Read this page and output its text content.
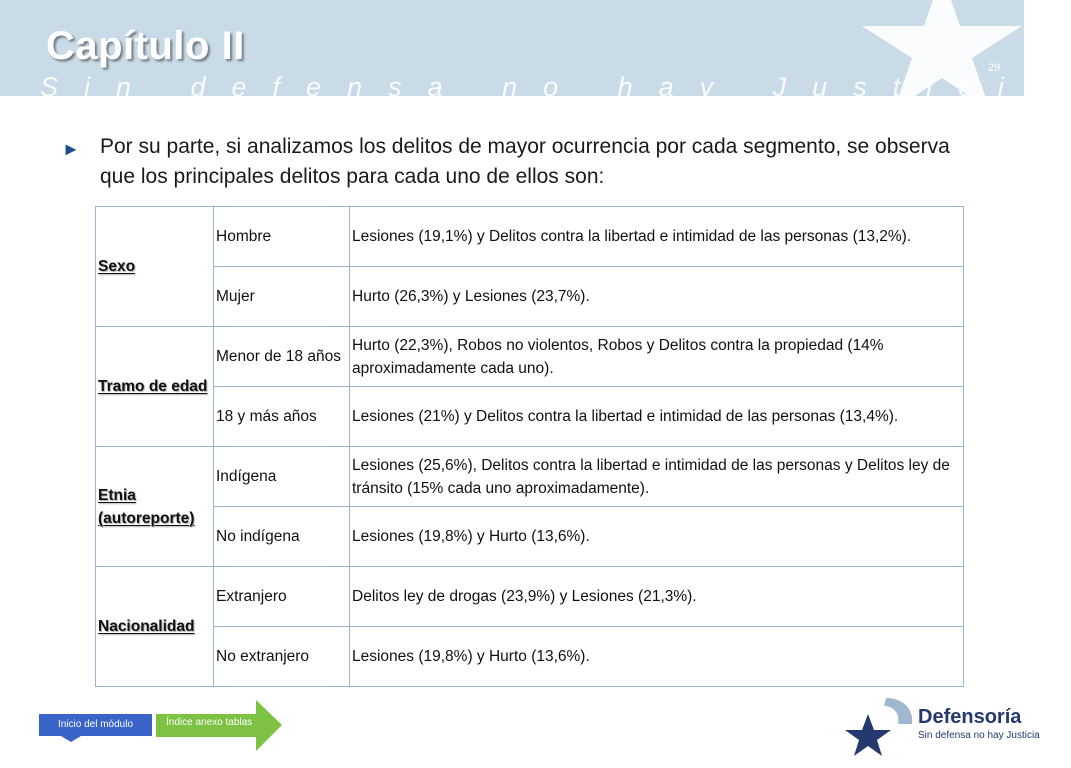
Capítulo II
Sin defensa no hay Justicia
29
► Por su parte, si analizamos los delitos de mayor ocurrencia por cada segmento, se observa que los principales delitos para cada uno de ellos son:
Sexo	Hombre	Lesiones (19,1%) y Delitos contra la libertad e intimidad de las personas (13,2%).
	Mujer	Hurto (26,3%) y Lesiones (23,7%).
Tramo de edad	Menor de 18 años	Hurto (22,3%), Robos no violentos, Robos y Delitos contra la propiedad (14% aproximadamente cada uno).
	18 y más años	Lesiones (21%) y Delitos contra la libertad e intimidad de las personas (13,4%).
Etnia (autoreporte)	Indígena	Lesiones (25,6%), Delitos contra la libertad e intimidad de las personas y Delitos ley de tránsito (15% cada uno aproximadamente).
	No indígena	Lesiones (19,8%) y Hurto (13,6%).
Nacionalidad	Extranjero	Delitos ley de drogas (23,9%) y Lesiones (21,3%).
	No extranjero	Lesiones (19,8%) y Hurto (13,6%).
Inicio del módulo	Índice anexo tablas	Defensoría
Sin defensa no hay Justicia
